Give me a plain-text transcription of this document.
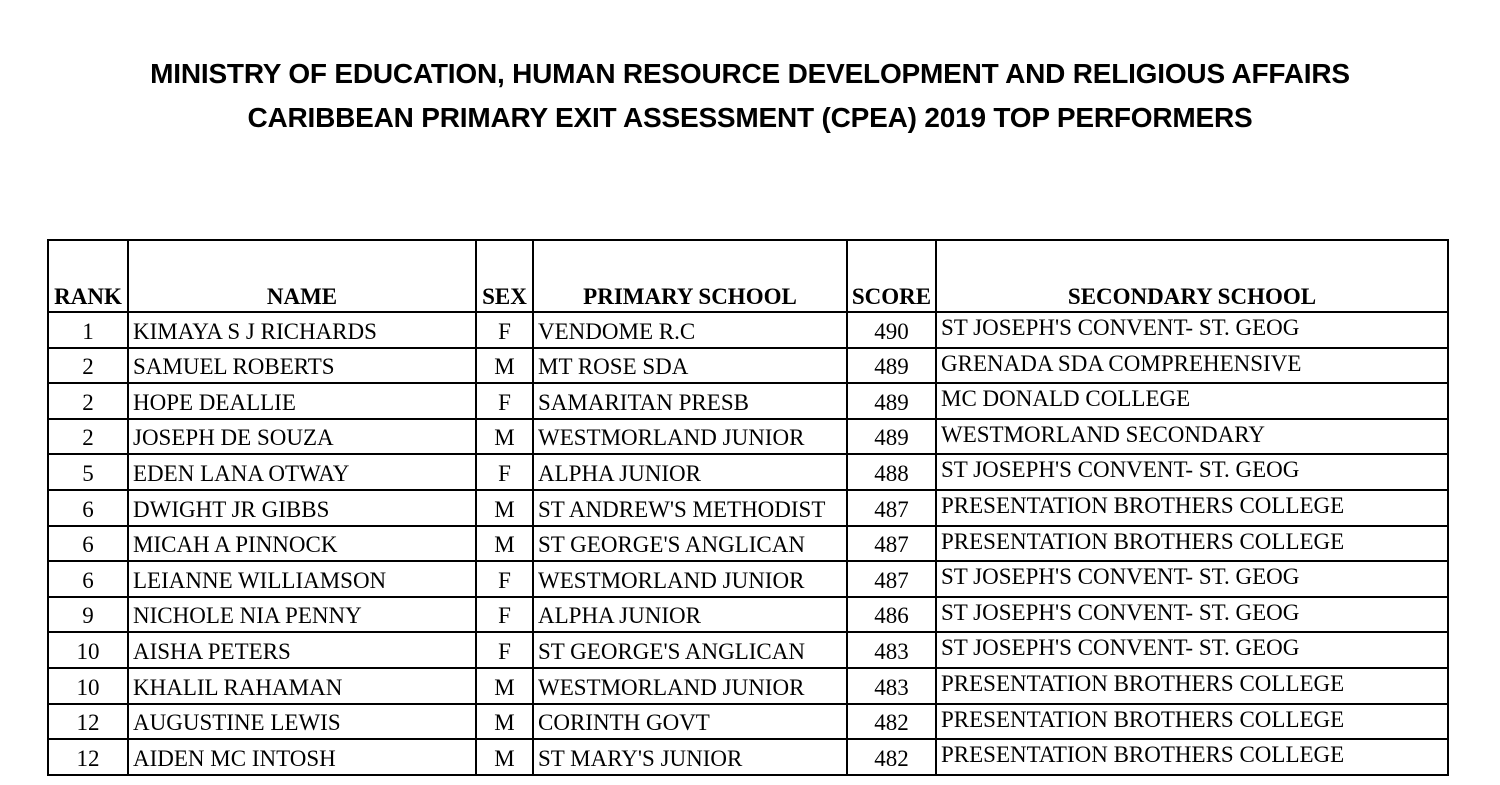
MINISTRY OF EDUCATION, HUMAN RESOURCE DEVELOPMENT AND RELIGIOUS AFFAIRS
CARIBBEAN PRIMARY EXIT ASSESSMENT (CPEA) 2019 TOP PERFORMERS
RANK	NAME	SEX	PRIMARY SCHOOL	SCORE	SECONDARY SCHOOL
1	KIMAYA S J RICHARDS	F	VENDOME R.C	490	ST JOSEPH'S CONVENT- ST. GEOG
2	SAMUEL ROBERTS	M	MT ROSE SDA	489	GRENADA SDA COMPREHENSIVE
2	HOPE DEALLIE	F	SAMARITAN PRESB	489	MC DONALD COLLEGE
2	JOSEPH DE SOUZA	M	WESTMORLAND JUNIOR	489	WESTMORLAND SECONDARY
5	EDEN LANA OTWAY	F	ALPHA JUNIOR	488	ST JOSEPH'S CONVENT- ST. GEOG
6	DWIGHT JR GIBBS	M	ST ANDREW'S METHODIST	487	PRESENTATION BROTHERS COLLEGE
6	MICAH A PINNOCK	M	ST GEORGE'S ANGLICAN	487	PRESENTATION BROTHERS COLLEGE
6	LEIANNE WILLIAMSON	F	WESTMORLAND JUNIOR	487	ST JOSEPH'S CONVENT- ST. GEOG
9	NICHOLE NIA PENNY	F	ALPHA JUNIOR	486	ST JOSEPH'S CONVENT- ST. GEOG
10	AISHA PETERS	F	ST GEORGE'S ANGLICAN	483	ST JOSEPH'S CONVENT- ST. GEOG
10	KHALIL RAHAMAN	M	WESTMORLAND JUNIOR	483	PRESENTATION BROTHERS COLLEGE
12	AUGUSTINE LEWIS	M	CORINTH GOVT	482	PRESENTATION BROTHERS COLLEGE
12	AIDEN MC INTOSH	M	ST MARY'S JUNIOR	482	PRESENTATION BROTHERS COLLEGE
